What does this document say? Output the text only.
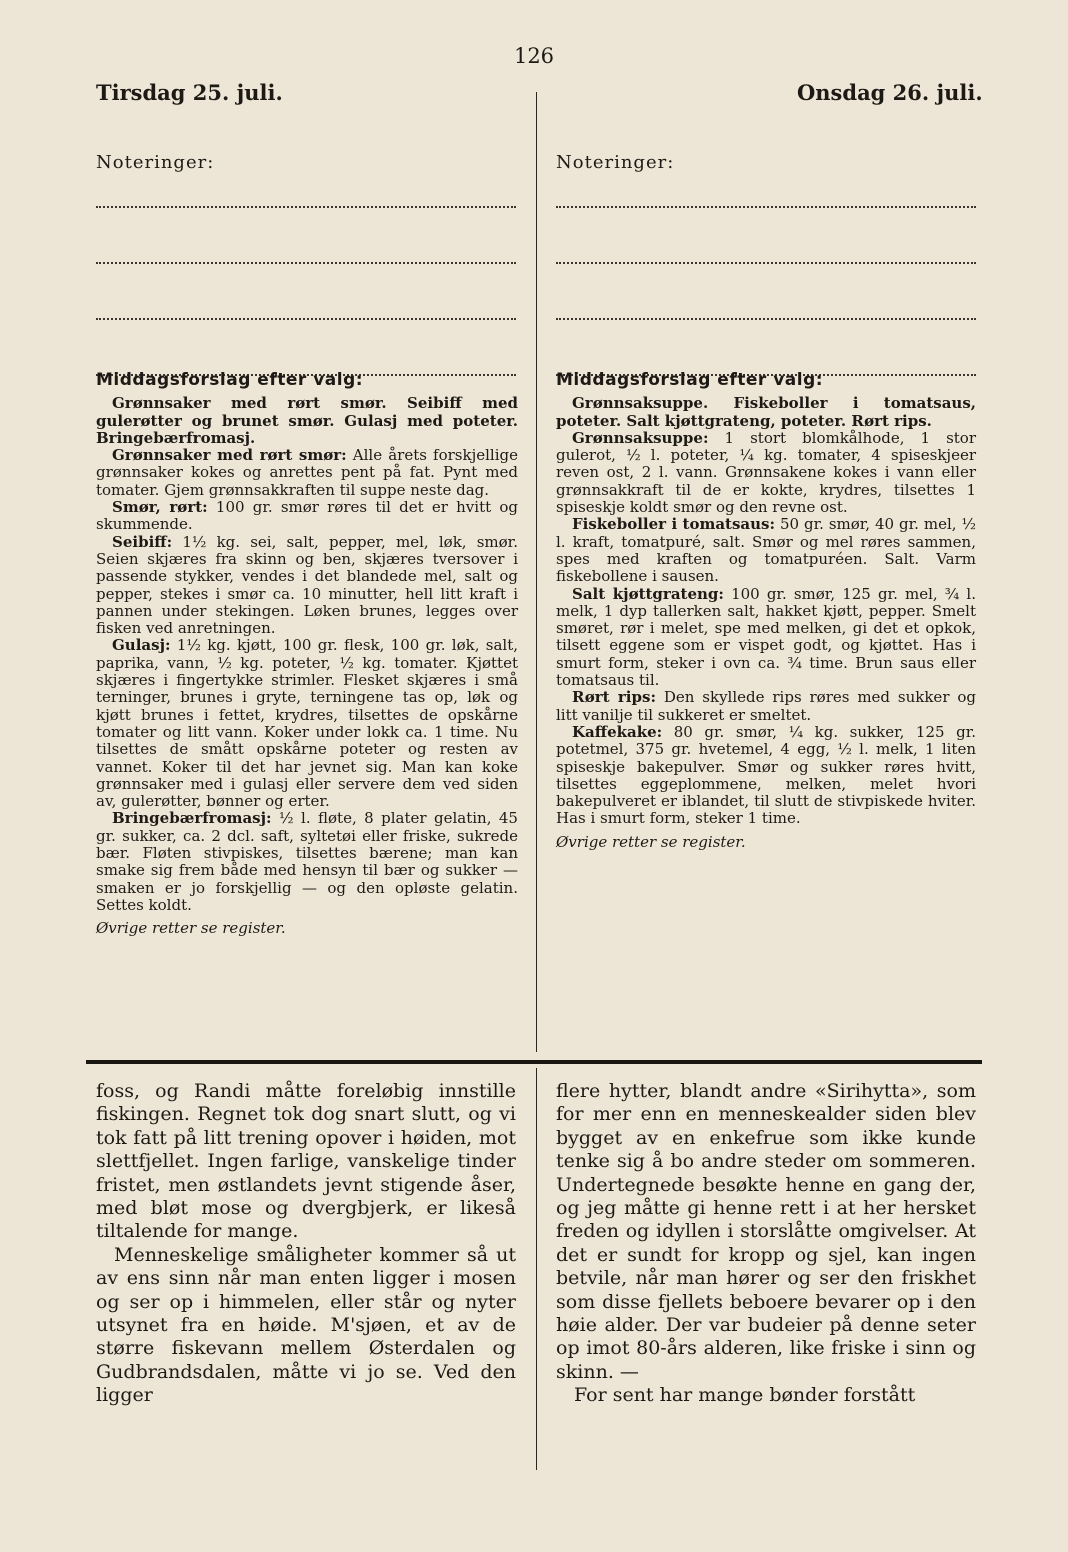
126
Tirsdag 25. juli.	Onsdag 26. juli.
Noteringer:	Noteringer:
Middagsforslag efter valg:

Grønnsaker med rørt smør. Seibiff med gulerøtter og brunet smør. Gulasj med poteter. Bringebærfromasj.

Grønnsaker med rørt smør: Alle årets forskjellige grønnsaker kokes og anrettes pent på fat. Pynt med tomater. Gjem grønnsakkraften til suppe neste dag.

Smør, rørt: 100 gr. smør røres til det er hvitt og skummende.

Seibiff: 1½ kg. sei, salt, pepper, mel, løk, smør. Seien skjæres fra skinn og ben, skjæres tversover i passende stykker, vendes i det blandede mel, salt og pepper, stekes i smør ca. 10 minutter, hell litt kraft i pannen under stekingen. Løken brunes, legges over fisken ved anretningen.

Gulasj: 1½ kg. kjøtt, 100 gr. flesk, 100 gr. løk, salt, paprika, vann, ½ kg. poteter, ½ kg. tomater. Kjøttet skjæres i fingertykke strimler. Flesket skjæres i små terninger, brunes i gryte, terningene tas op, løk og kjøtt brunes i fettet, krydres, tilsettes de opskårne tomater og litt vann. Koker under lokk ca. 1 time. Nu tilsettes de smått opskårne poteter og resten av vannet. Koker til det har jevnet sig. Man kan koke grønnsaker med i gulasj eller servere dem ved siden av, gulerøtter, bønner og erter.

Bringebærfromasj: ½ l. fløte, 8 plater gelatin, 45 gr. sukker, ca. 2 dcl. saft, syltetøi eller friske, sukrede bær. Fløten stivpiskes, tilsettes bærene; man kan smake sig frem både med hensyn til bær og sukker — smaken er jo forskjellig — og den opløste gelatin. Settes koldt.

Øvrige retter se register.

Middagsforslag efter valg:

Grønnsaksuppe. Fiskeboller i tomatsaus, poteter. Salt kjøttgrateng, poteter. Rørt rips.

Grønnsaksuppe: 1 stort blomkålhode, 1 stor gulerot, ½ l. poteter, ¼ kg. tomater, 4 spiseskjeer reven ost, 2 l. vann. Grønnsakene kokes i vann eller grønnsakkraft til de er kokte, krydres, tilsettes 1 spiseskje koldt smør og den revne ost.

Fiskeboller i tomatsaus: 50 gr. smør, 40 gr. mel, ½ l. kraft, tomatpuré, salt. Smør og mel røres sammen, spes med kraften og tomatpuréen. Salt. Varm fiskebollene i sausen.

Salt kjøttgrateng: 100 gr. smør, 125 gr. mel, ¾ l. melk, 1 dyp tallerken salt, hakket kjøtt, pepper. Smelt smøret, rør i melet, spe med melken, gi det et opkok, tilsett eggene som er vispet godt, og kjøttet. Has i smurt form, steker i ovn ca. ¾ time. Brun saus eller tomatsaus til.

Rørt rips: Den skyllede rips røres med sukker og litt vanilje til sukkeret er smeltet.

Kaffekake: 80 gr. smør, ¼ kg. sukker, 125 gr. potetmel, 375 gr. hvetemel, 4 egg, ½ l. melk, 1 liten spiseskje bakepulver. Smør og sukker røres hvitt, tilsettes eggeplommene, melken, melet hvori bakepulveret er iblandet, til slutt de stivpiskede hviter. Has i smurt form, steker 1 time.

Øvrige retter se register.

foss, og Randi måtte foreløbig innstille fiskingen. Regnet tok dog snart slutt, og vi tok fatt på litt trening opover i høiden, mot slettfjellet. Ingen farlige, vanskelige tinder fristet, men østlandets jevnt stigende åser, med bløt mose og dvergbjerk, er likeså tiltalende for mange.

Menneskelige småligheter kommer så ut av ens sinn når man enten ligger i mosen og ser op i himmelen, eller står og nyter utsynet fra en høide. M'sjøen, et av de større fiskevann mellem Østerdalen og Gudbrandsdalen, måtte vi jo se. Ved den ligger

flere hytter, blandt andre «Sirihytta», som for mer enn en menneskealder siden blev bygget av en enkefrue som ikke kunde tenke sig å bo andre steder om sommeren. Undertegnede besøkte henne en gang der, og jeg måtte gi henne rett i at her hersket freden og idyllen i storslåtte omgivelser. At det er sundt for kropp og sjel, kan ingen betvile, når man hører og ser den friskhet som disse fjellets beboere bevarer op i den høie alder. Der var budeier på denne seter op imot 80-års alderen, like friske i sinn og skinn. —

For sent har mange bønder forstått
